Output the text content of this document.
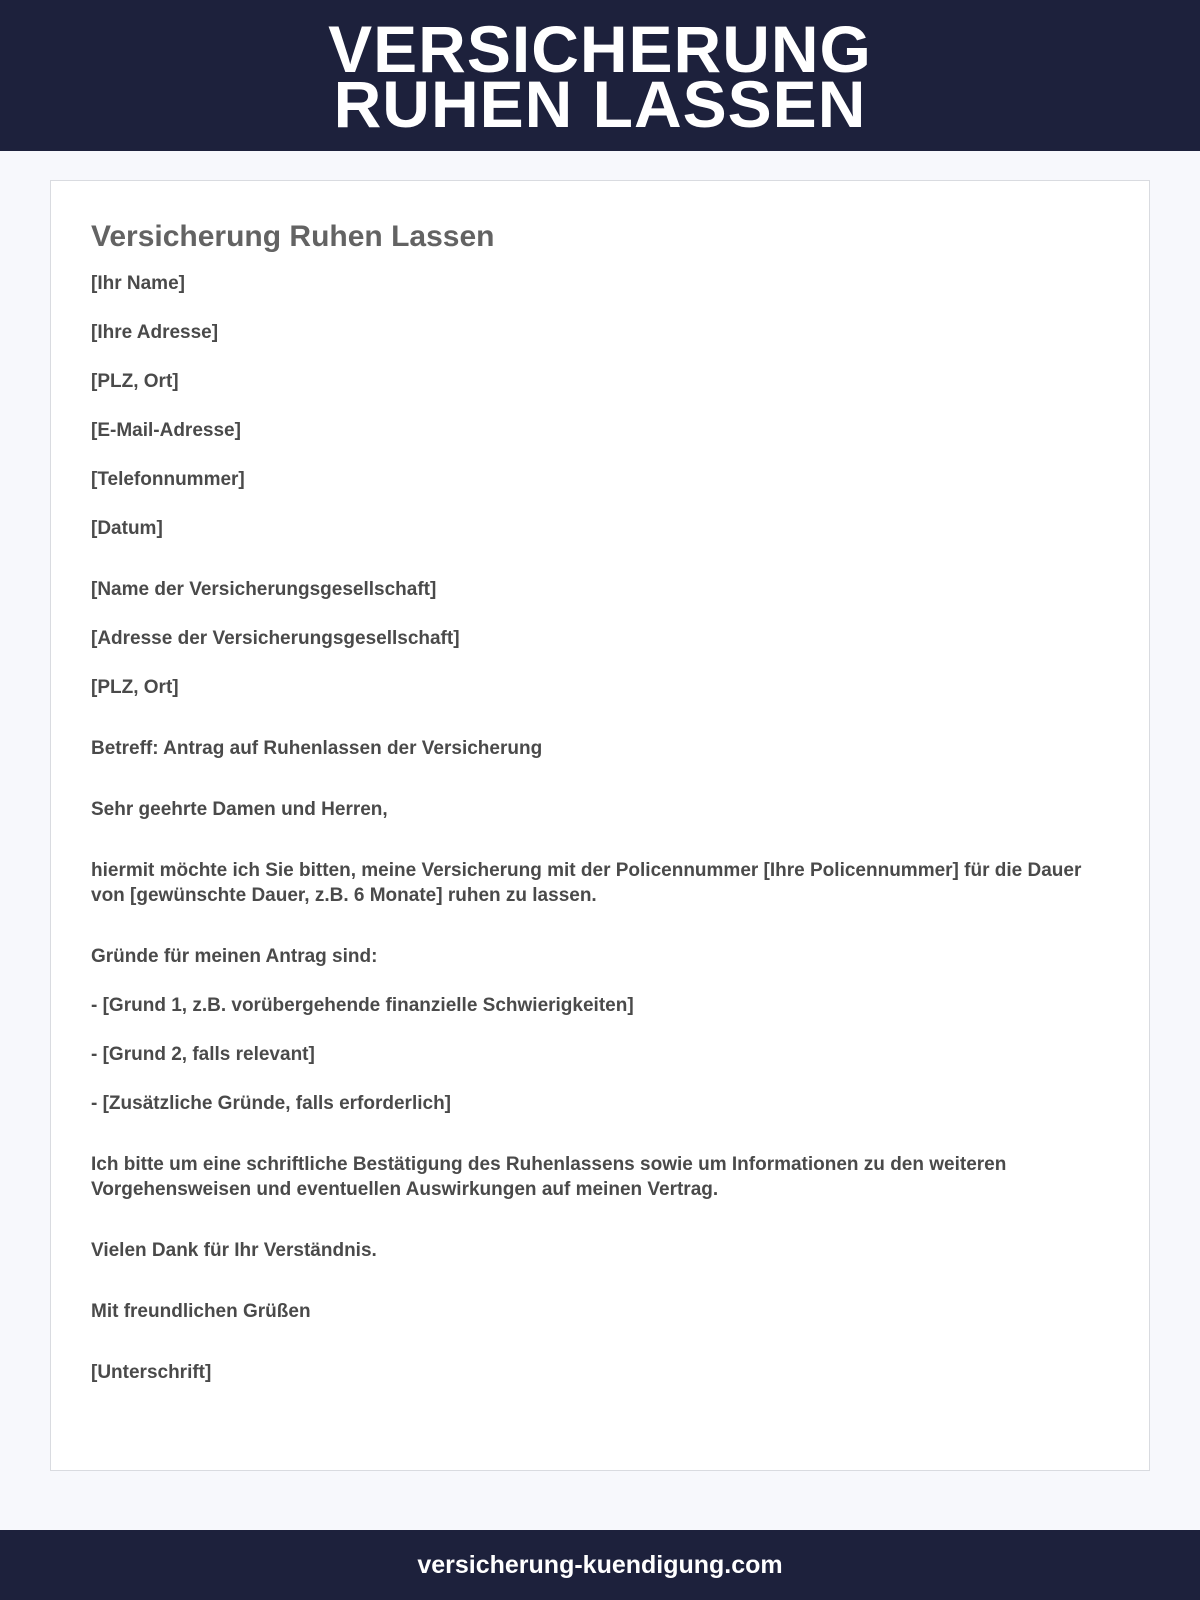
VERSICHERUNG RUHEN LASSEN
Versicherung Ruhen Lassen

[Ihr Name]

[Ihre Adresse]

[PLZ, Ort]

[E-Mail-Adresse]

[Telefonnummer]

[Datum]

[Name der Versicherungsgesellschaft]

[Adresse der Versicherungsgesellschaft]

[PLZ, Ort]

Betreff: Antrag auf Ruhenlassen der Versicherung

Sehr geehrte Damen und Herren,

hiermit möchte ich Sie bitten, meine Versicherung mit der Policennummer [Ihre Policennummer] für die Dauer von [gewünschte Dauer, z.B. 6 Monate] ruhen zu lassen.

Gründe für meinen Antrag sind:

- [Grund 1, z.B. vorübergehende finanzielle Schwierigkeiten]

- [Grund 2, falls relevant]

- [Zusätzliche Gründe, falls erforderlich]

Ich bitte um eine schriftliche Bestätigung des Ruhenlassens sowie um Informationen zu den weiteren Vorgehensweisen und eventuellen Auswirkungen auf meinen Vertrag.

Vielen Dank für Ihr Verständnis.

Mit freundlichen Grüßen

[Unterschrift]

versicherung-kuendigung.com
